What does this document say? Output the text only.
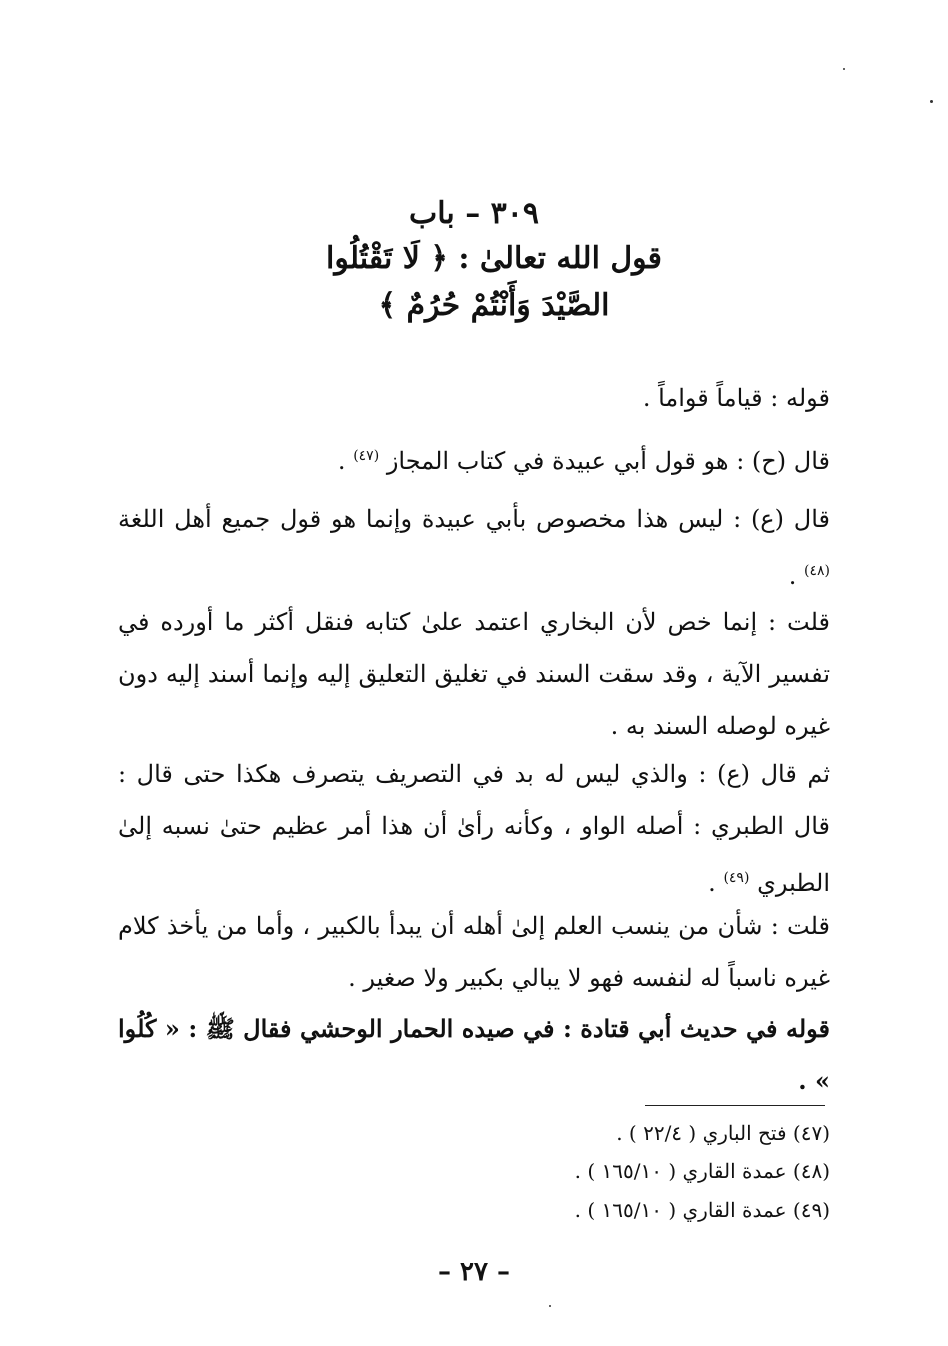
٣٠٩ – باب
قول الله تعالىٰ : ﴿ لَا تَقْتُلُوا
الصَّيْدَ وَأَنْتُمْ حُرُمٌ ﴾
قوله : قياماً قواماً .
قال (ح) : هو قول أبي عبيدة في كتاب المجاز $^{(٤٧)}$ .
قال (ع) : ليس هذا مخصوص بأبي عبيدة وإنما هو قول جميع أهل اللغة $^{(٤٨)}$ .
قلت : إنما خص لأن البخاري اعتمد علىٰ كتابه فنقل أكثر ما أورده في تفسير الآية ، وقد سقت السند في تغليق التعليق إليه وإنما أسند إليه دون غيره لوصله السند به .
ثم قال (ع) : والذي ليس له بد في التصريف يتصرف هكذا حتى قال : قال الطبري : أصله الواو ، وكأنه رأىٰ أن هذا أمر عظيم حتىٰ نسبه إلىٰ الطبري $^{(٤٩)}$ .
قلت : شأن من ينسب العلم إلىٰ أهله أن يبدأ بالكبير ، وأما من يأخذ كلام غيره ناسباً له لنفسه فهو لا يبالي بكبير ولا صغير .
قوله في حديث أبي قتادة : في صيده الحمار الوحشي فقال ﷺ : « كُلُوا » .
(٤٧) فتح الباري ( ٢٢/٤ ) .
(٤٨) عمدة القاري ( ١٦٥/١٠ ) .
(٤٩) عمدة القاري ( ١٦٥/١٠ ) .
– ٢٧ –
